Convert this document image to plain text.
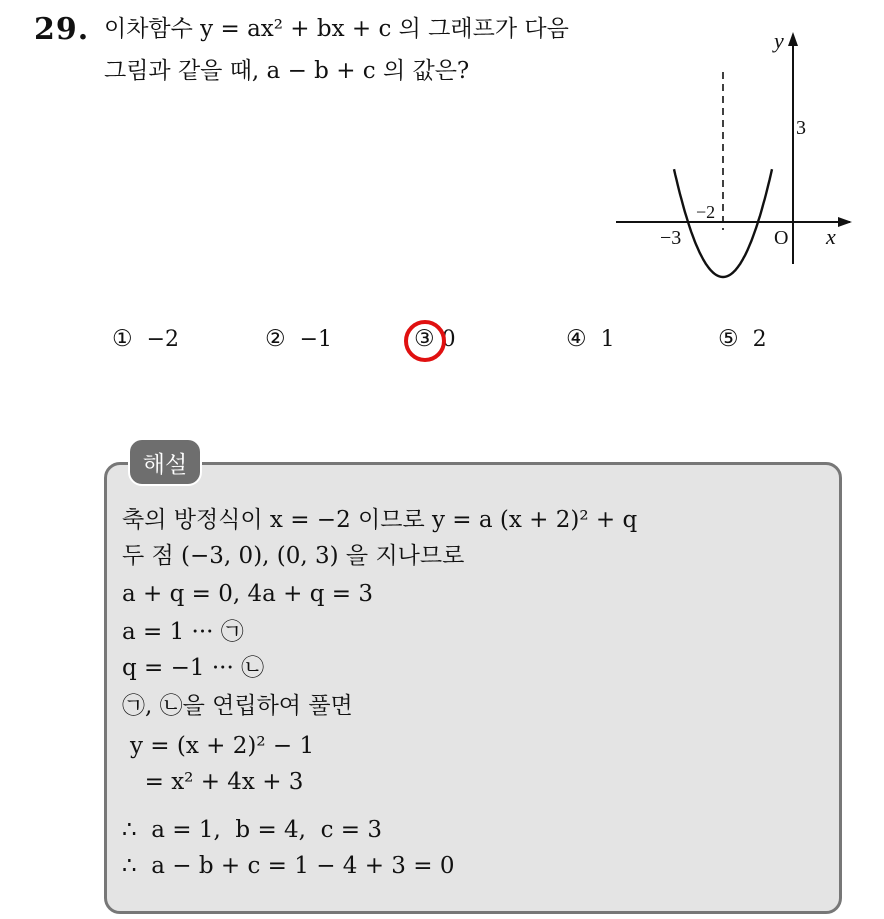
29. 이차함수 y = ax² + bx + c 의 그래프가 다음
그림과 같을 때, a − b + c 의 값은?
y
x
O
3
−2
−3
① −2	② −1	③ 0	④ 1	⑤ 2
해설
축의 방정식이 x = −2 이므로 y = a (x + 2)² + q
두 점 (−3, 0), (0, 3) 을 지나므로
a + q = 0, 4a + q = 3
a = 1 ··· ㉠
q = −1 ··· ㉡
㉠, ㉡을 연립하여 풀면
y = (x + 2)² − 1
= x² + 4x + 3
∴  a = 1,  b = 4,  c = 3
∴  a − b + c = 1 − 4 + 3 = 0
